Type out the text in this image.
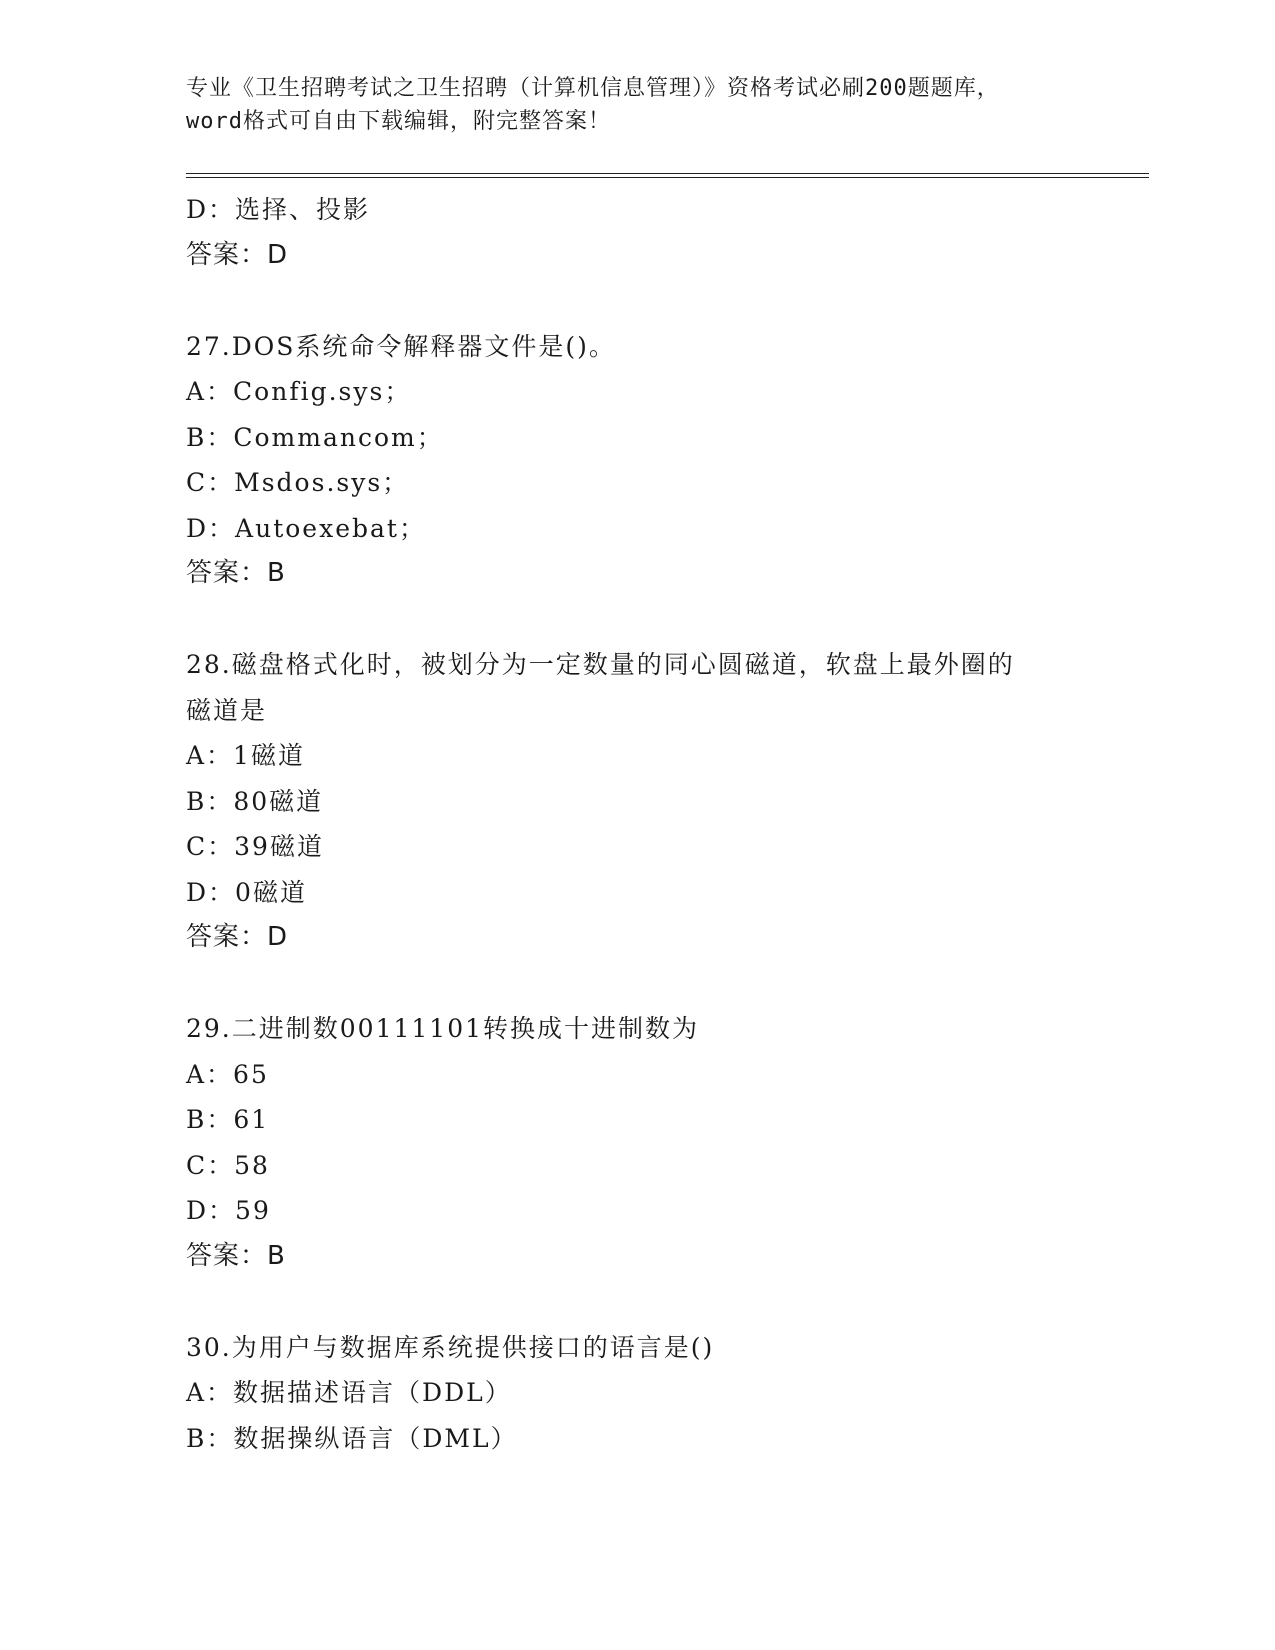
专业《卫生招聘考试之卫生招聘（计算机信息管理）》资格考试必刷200题题库，
word格式可自由下载编辑，附完整答案！
D：选择、投影
答案：D
27.DOS系统命令解释器文件是()。
A：Config.sys；
B：Commancom；
C：Msdos.sys；
D：Autoexebat；
答案：B
28.磁盘格式化时，被划分为一定数量的同心圆磁道，软盘上最外圈的
磁道是
A：1磁道
B：80磁道
C：39磁道
D：0磁道
答案：D
29.二进制数00111101转换成十进制数为
A：65
B：61
C：58
D：59
答案：B
30.为用户与数据库系统提供接口的语言是()
A：数据描述语言（DDL）
B：数据操纵语言（DML）
